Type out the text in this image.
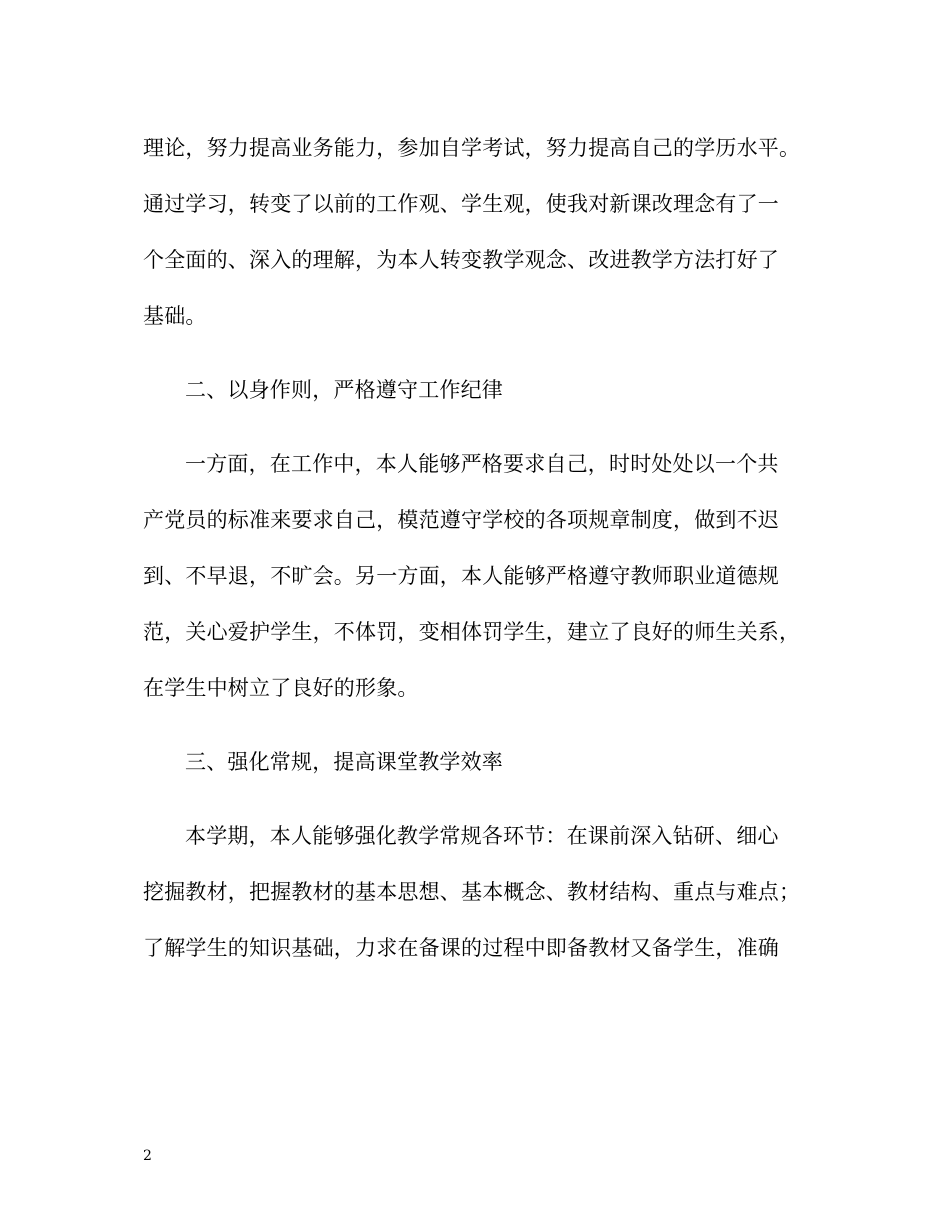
理论，努力提高业务能力，参加自学考试，努力提高自己的学历水平。

通过学习，转变了以前的工作观、学生观，使我对新课改理念有了一

个全面的、深入的理解，为本人转变教学观念、改进教学方法打好了

基础。

二、以身作则，严格遵守工作纪律

一方面，在工作中，本人能够严格要求自己，时时处处以一个共

产党员的标准来要求自己，模范遵守学校的各项规章制度，做到不迟

到、不早退，不旷会。另一方面，本人能够严格遵守教师职业道德规

范，关心爱护学生，不体罚，变相体罚学生，建立了良好的师生关系，

在学生中树立了良好的形象。

三、强化常规，提高课堂教学效率

本学期，本人能够强化教学常规各环节：在课前深入钻研、细心

挖掘教材，把握教材的基本思想、基本概念、教材结构、重点与难点；

了解学生的知识基础，力求在备课的过程中即备教材又备学生，准确

2
